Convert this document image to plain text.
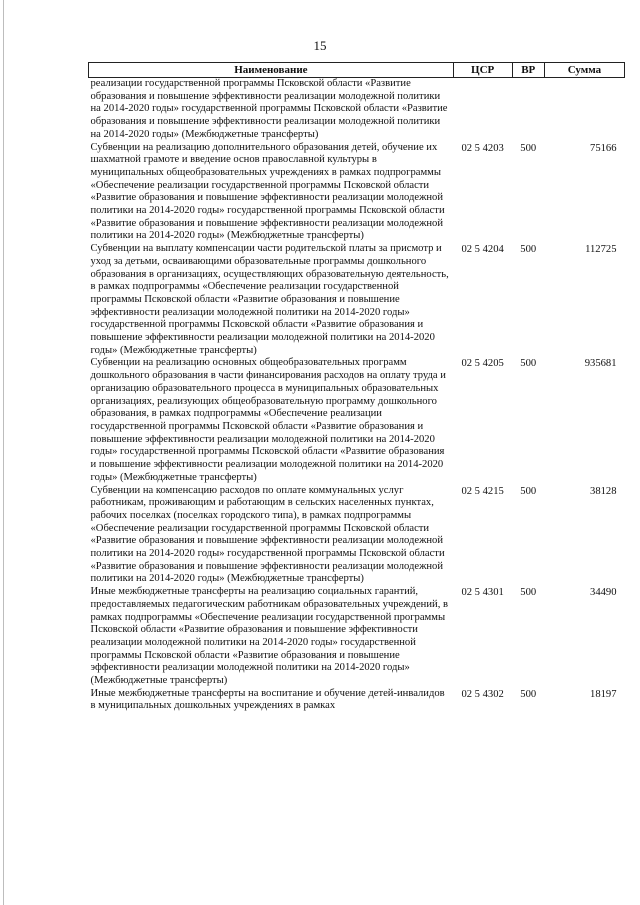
15
Наименование	ЦСР	ВР	Сумма
реализации государственной программы Псковской области «Развитие образования и повышение эффективности реализации молодежной политики на 2014-2020 годы» государственной программы Псковской области «Развитие образования и повышение эффективности реализации молодежной политики на 2014-2020 годы» (Межбюджетные трансферты)			
Субвенции на реализацию дополнительного образования детей, обучение их шахматной грамоте и введение основ православной культуры в муниципальных общеобразовательных учреждениях в рамках подпрограммы «Обеспечение реализации государственной программы Псковской области «Развитие образования и повышение эффективности реализации молодежной политики на 2014-2020 годы» государственной программы Псковской области «Развитие образования и повышение эффективности реализации молодежной политики на 2014-2020 годы» (Межбюджетные трансферты)	02 5 4203	500	75166
Субвенции на выплату компенсации части родительской платы за присмотр и уход за детьми, осваивающими образовательные программы дошкольного образования в организациях, осуществляющих образовательную деятельность, в рамках подпрограммы «Обеспечение реализации государственной программы Псковской области «Развитие образования и повышение эффективности реализации молодежной политики на 2014-2020 годы» государственной программы Псковской области «Развитие образования и повышение эффективности реализации молодежной политики на 2014-2020 годы» (Межбюджетные трансферты)	02 5 4204	500	112725
Субвенции на реализацию основных общеобразовательных программ дошкольного образования в части финансирования расходов на оплату труда и организацию образовательного процесса в муниципальных образовательных организациях, реализующих общеобразовательную программу дошкольного образования, в рамках подпрограммы «Обеспечение реализации государственной программы Псковской области «Развитие образования и повышение эффективности реализации молодежной политики на 2014-2020 годы» государственной программы Псковской области «Развитие образования и повышение эффективности реализации молодежной политики на 2014-2020 годы» (Межбюджетные трансферты)	02 5 4205	500	935681
Субвенции на компенсацию расходов по оплате коммунальных услуг работникам, проживающим и работающим в сельских населенных пунктах, рабочих поселках (поселках городского типа), в рамках подпрограммы «Обеспечение реализации государственной программы Псковской области «Развитие образования и повышение эффективности реализации молодежной политики на 2014-2020 годы» государственной программы Псковской области «Развитие образования и повышение эффективности реализации молодежной политики на 2014-2020 годы» (Межбюджетные трансферты)	02 5 4215	500	38128
Иные межбюджетные трансферты на реализацию социальных гарантий, предоставляемых педагогическим работникам образовательных учреждений, в рамках подпрограммы «Обеспечение реализации государственной программы Псковской области «Развитие образования и повышение эффективности реализации молодежной политики на 2014-2020 годы» государственной программы Псковской области «Развитие образования и повышение эффективности реализации молодежной политики на 2014-2020 годы» (Межбюджетные трансферты)	02 5 4301	500	34490
Иные межбюджетные трансферты на воспитание и обучение детей-инвалидов в муниципальных дошкольных учреждениях в рамках	02 5 4302	500	18197
